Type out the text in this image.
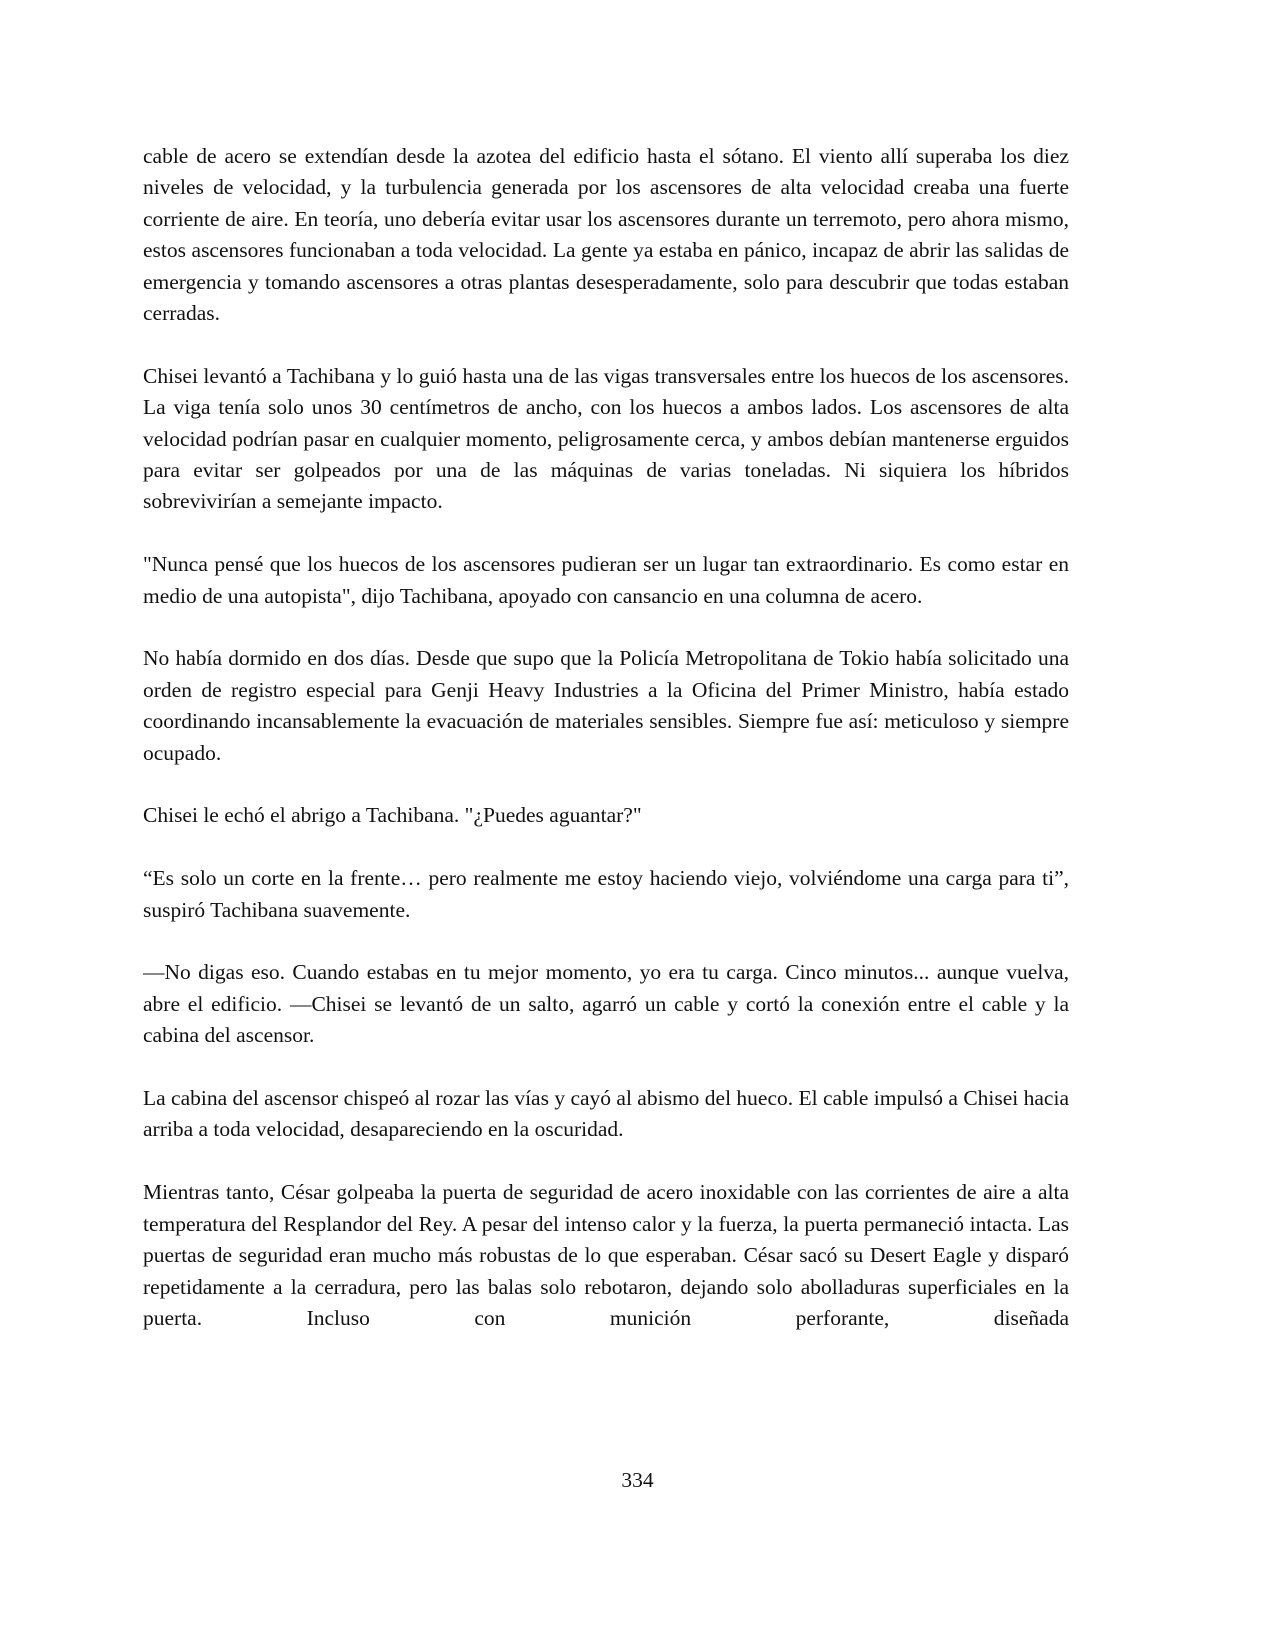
cable de acero se extendían desde la azotea del edificio hasta el sótano. El viento allí superaba los diez niveles de velocidad, y la turbulencia generada por los ascensores de alta velocidad creaba una fuerte corriente de aire. En teoría, uno debería evitar usar los ascensores durante un terremoto, pero ahora mismo, estos ascensores funcionaban a toda velocidad. La gente ya estaba en pánico, incapaz de abrir las salidas de emergencia y tomando ascensores a otras plantas desesperadamente, solo para descubrir que todas estaban cerradas.

Chisei levantó a Tachibana y lo guió hasta una de las vigas transversales entre los huecos de los ascensores. La viga tenía solo unos 30 centímetros de ancho, con los huecos a ambos lados. Los ascensores de alta velocidad podrían pasar en cualquier momento, peligrosamente cerca, y ambos debían mantenerse erguidos para evitar ser golpeados por una de las máquinas de varias toneladas. Ni siquiera los híbridos sobrevivirían a semejante impacto.

"Nunca pensé que los huecos de los ascensores pudieran ser un lugar tan extraordinario. Es como estar en medio de una autopista", dijo Tachibana, apoyado con cansancio en una columna de acero.

No había dormido en dos días. Desde que supo que la Policía Metropolitana de Tokio había solicitado una orden de registro especial para Genji Heavy Industries a la Oficina del Primer Ministro, había estado coordinando incansablemente la evacuación de materiales sensibles. Siempre fue así: meticuloso y siempre ocupado.

Chisei le echó el abrigo a Tachibana. "¿Puedes aguantar?"

“Es solo un corte en la frente… pero realmente me estoy haciendo viejo, volviéndome una carga para ti”, suspiró Tachibana suavemente.

—No digas eso. Cuando estabas en tu mejor momento, yo era tu carga. Cinco minutos... aunque vuelva, abre el edificio. —Chisei se levantó de un salto, agarró un cable y cortó la conexión entre el cable y la cabina del ascensor.

La cabina del ascensor chispeó al rozar las vías y cayó al abismo del hueco. El cable impulsó a Chisei hacia arriba a toda velocidad, desapareciendo en la oscuridad.

Mientras tanto, César golpeaba la puerta de seguridad de acero inoxidable con las corrientes de aire a alta temperatura del Resplandor del Rey. A pesar del intenso calor y la fuerza, la puerta permaneció intacta. Las puertas de seguridad eran mucho más robustas de lo que esperaban. César sacó su Desert Eagle y disparó repetidamente a la cerradura, pero las balas solo rebotaron, dejando solo abolladuras superficiales en la puerta. Incluso con munición perforante, diseñada

334
